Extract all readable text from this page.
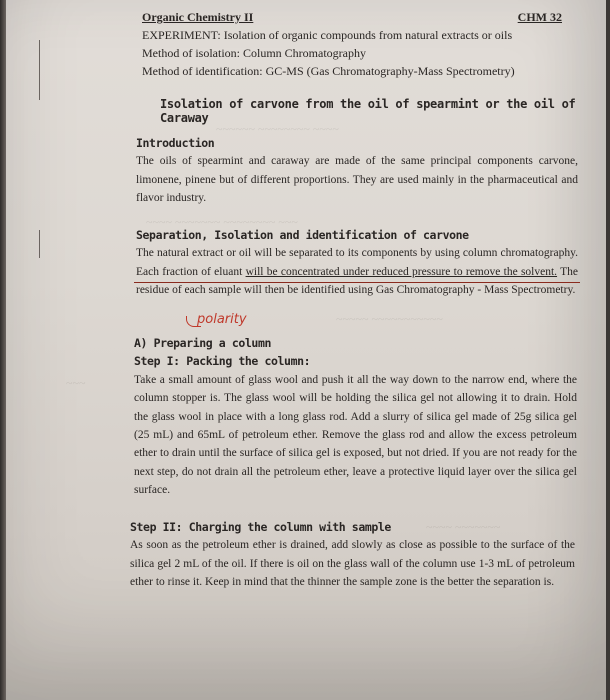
~~~~~~ ~~~~~~~~ ~~~~
~~~~ ~~~~~~~ ~~~~~~~~ ~~~
~~~~~ ~~~~~~~~~~~
~~~~ ~~~~~~~
~~~
Organic Chemistry II	CHM 32
EXPERIMENT: Isolation of organic compounds from natural extracts or oils
Method of isolation: Column Chromatography
Method of identification: GC-MS (Gas Chromatography-Mass Spectrometry)
Isolation of carvone from the oil of spearmint or the oil of Caraway
Introduction

The oils of spearmint and caraway are made of the same principal components carvone, limonene, pinene but of different proportions. They are used mainly in the pharmaceutical and flavor industry.

Separation, Isolation and identification of carvone

The natural extract or oil will be separated to its components by using column chromatography. Each fraction of eluant will be concentrated under reduced pressure to remove the solvent. The residue of each sample will then be identified using Gas Chromatography - Mass Spectrometry.

polarity
A) Preparing a column
Step I: Packing the column:

Take a small amount of glass wool and push it all the way down to the narrow end, where the column stopper is. The glass wool will be holding the silica gel not allowing it to drain. Hold the glass wool in place with a long glass rod. Add a slurry of silica gel made of 25g silica gel (25 mL) and 65mL of petroleum ether. Remove the glass rod and allow the excess petroleum ether to drain until the surface of silica gel is exposed, but not dried. If you are not ready for the next step, do not drain all the petroleum ether, leave a protective liquid layer over the silica gel surface.

Step II: Charging the column with sample

As soon as the petroleum ether is drained, add slowly as close as possible to the surface of the silica gel 2 mL of the oil. If there is oil on the glass wall of the column use 1-3 mL of petroleum ether to rinse it. Keep in mind that the thinner the sample zone is the better the separation is.
